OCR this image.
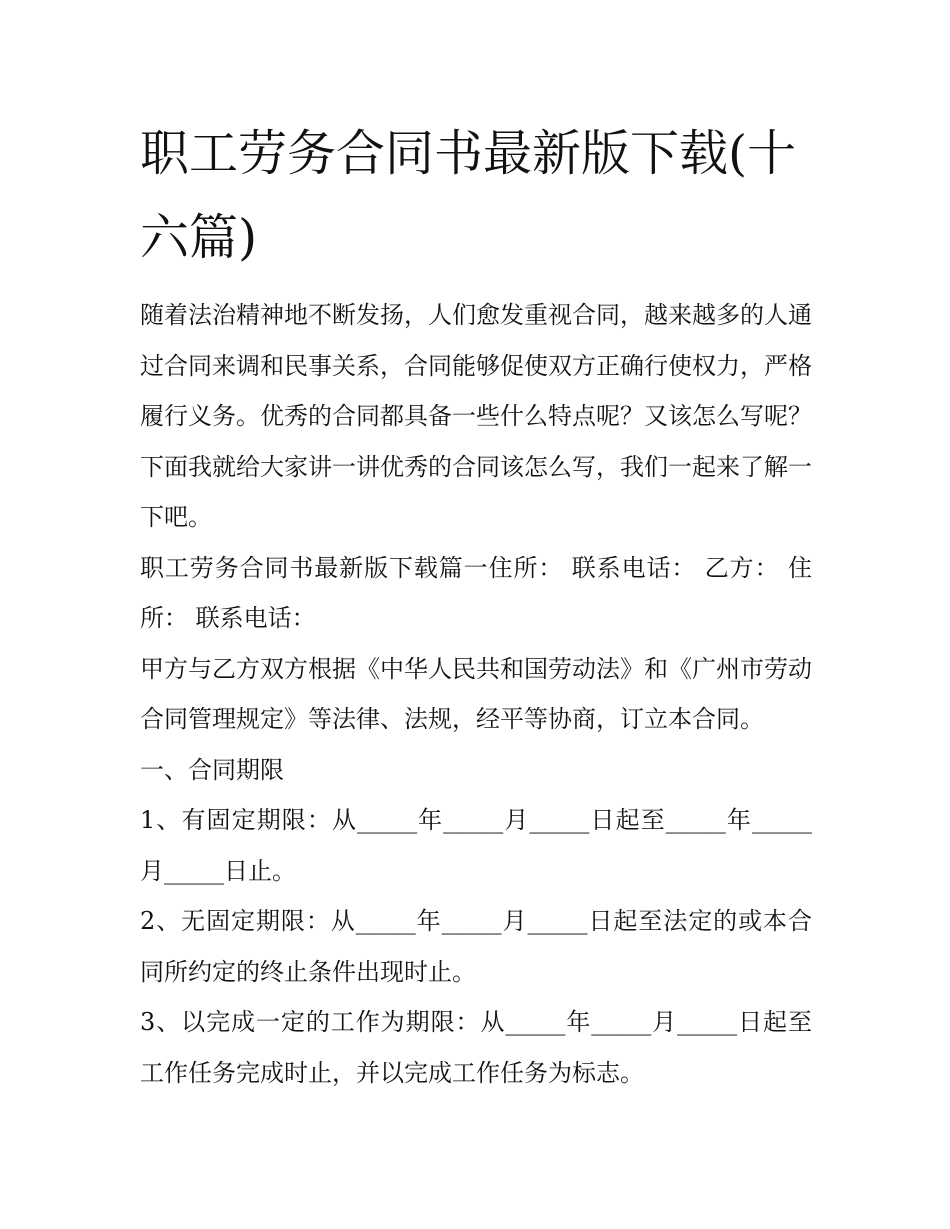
职工劳务合同书最新版下载(十六篇)

随着法治精神地不断发扬，人们愈发重视合同，越来越多的人通过合同来调和民事关系，合同能够促使双方正确行使权力，严格履行义务。优秀的合同都具备一些什么特点呢？又该怎么写呢？下面我就给大家讲一讲优秀的合同该怎么写，我们一起来了解一下吧。

职工劳务合同书最新版下载篇一住所： 联系电话： 乙方： 住所： 联系电话：

甲方与乙方双方根据《中华人民共和国劳动法》和《广州市劳动合同管理规定》等法律、法规，经平等协商，订立本合同。

一、合同期限

1、有固定期限：从_____年_____月_____日起至_____年_____月_____日止。

2、无固定期限：从_____年_____月_____日起至法定的或本合同所约定的终止条件出现时止。

3、以完成一定的工作为期限：从_____年_____月_____日起至工作任务完成时止，并以完成工作任务为标志。
